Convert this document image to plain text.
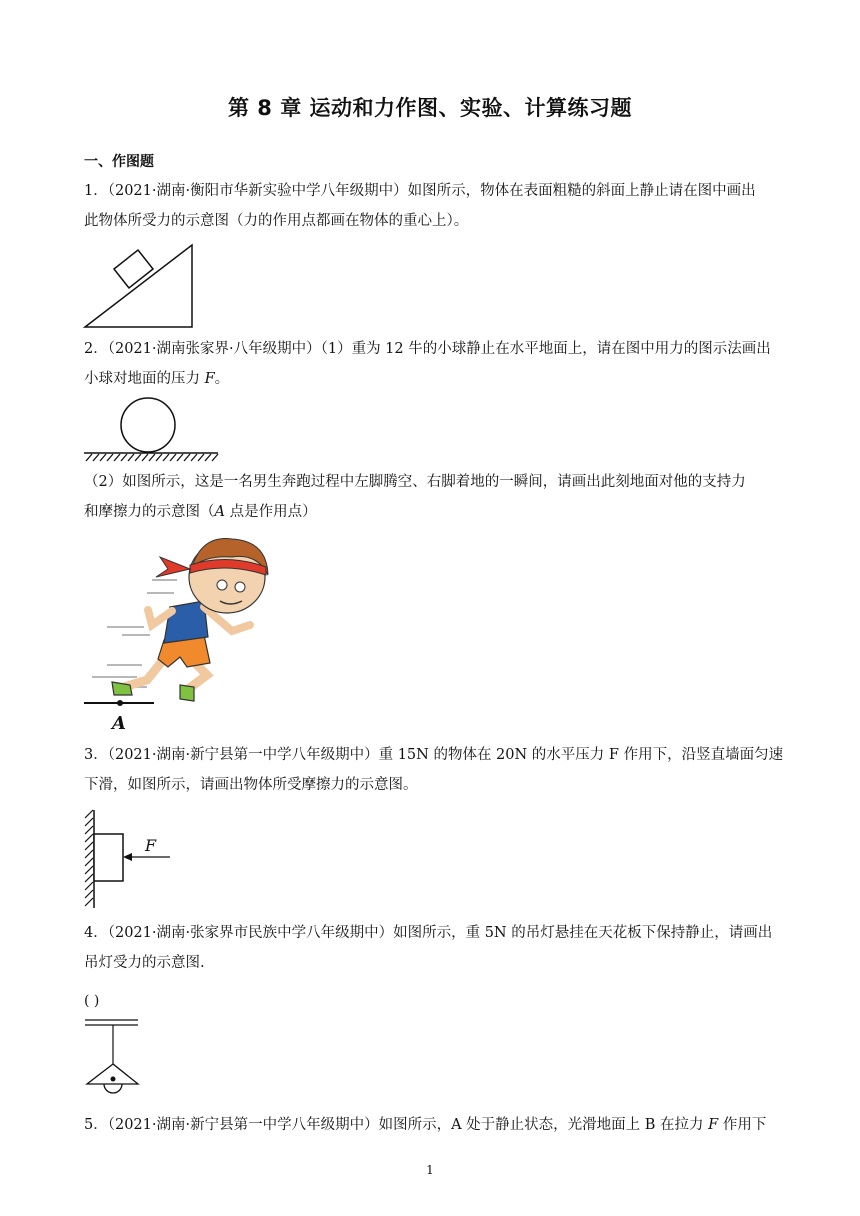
第 8 章 运动和力作图、实验、计算练习题
一、作图题
1．（2021·湖南·衡阳市华新实验中学八年级期中）如图所示，物体在表面粗糙的斜面上静止请在图中画出
此物体所受力的示意图（力的作用点都画在物体的重心上）。
2．（2021·湖南张家界·八年级期中）（1）重为 12 牛的小球静止在水平地面上，请在图中用力的图示法画出
小球对地面的压力 F。
（2）如图所示，这是一名男生奔跑过程中左脚腾空、右脚着地的一瞬间，请画出此刻地面对他的支持力
和摩擦力的示意图（A 点是作用点）
A
3．（2021·湖南·新宁县第一中学八年级期中）重 15N 的物体在 20N 的水平压力 F 作用下，沿竖直墙面匀速
下滑，如图所示，请画出物体所受摩擦力的示意图。
F
4．（2021·湖南·张家界市民族中学八年级期中）如图所示，重 5N 的吊灯悬挂在天花板下保持静止，请画出
吊灯受力的示意图.
( )
5．（2021·湖南·新宁县第一中学八年级期中）如图所示，A 处于静止状态，光滑地面上 B 在拉力 F 作用下
1
